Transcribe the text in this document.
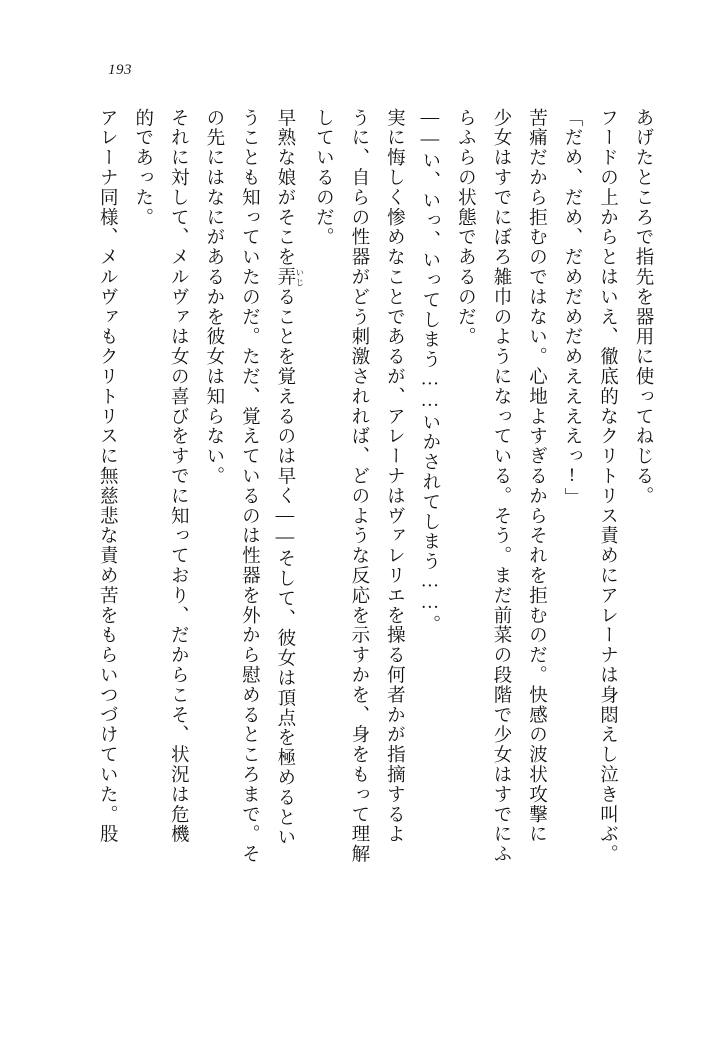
193
あげたところで指先を器用に使ってねじる。
フードの上からとはいえ、徹底的なクリトリス責めにアレーナは身悶えし泣き叫ぶ。
「だめ、だめ、だめだめだめええええっ!」
苦痛だから拒むのではない。心地よすぎるからそれを拒むのだ。快感の波状攻撃に
少女はすでにぼろ雑巾のようになっている。そう。まだ前菜の段階で少女はすでにふ
らふらの状態であるのだ。
――い、いっ、いってしまう……いかされてしまう……。
実に悔しく惨めなことであるが、アレーナはヴァレリエを操る何者かが指摘するよ
うに、自らの性器がどう刺激されれば、どのような反応を示すかを、身をもって理解
しているのだ。
早熟な娘がそこを弄 いじることを覚えるのは早く――そして、彼女は頂点を極めるとい
うことも知っていたのだ。ただ、覚えているのは性器を外から慰めるところまで。そ
の先にはなにがあるかを彼女は知らない。
それに対して、メルヴァは女の喜びをすでに知っており、だからこそ、状況は危機
的であった。
アレーナ同様、メルヴァもクリトリスに無慈悲な責め苦をもらいつづけていた。股
